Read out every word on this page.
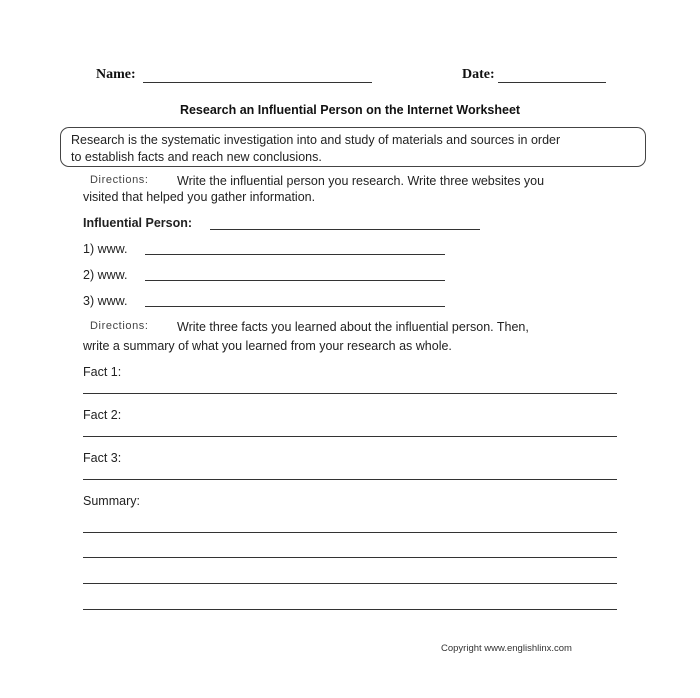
Name:	Date:
Research an Influential Person on the Internet Worksheet
Research is the systematic investigation into and study of materials and sources in order
to establish facts and reach new conclusions.
Directions: Write the influential person you research. Write three websites you
visited that helped you gather information.
Influential Person:
1) www.
2) www.
3) www.
Directions: Write three facts you learned about the influential person. Then,
write a summary of what you learned from your research as whole.
Fact 1:
Fact 2:
Fact 3:
Summary:
Copyright www.englishlinx.com
